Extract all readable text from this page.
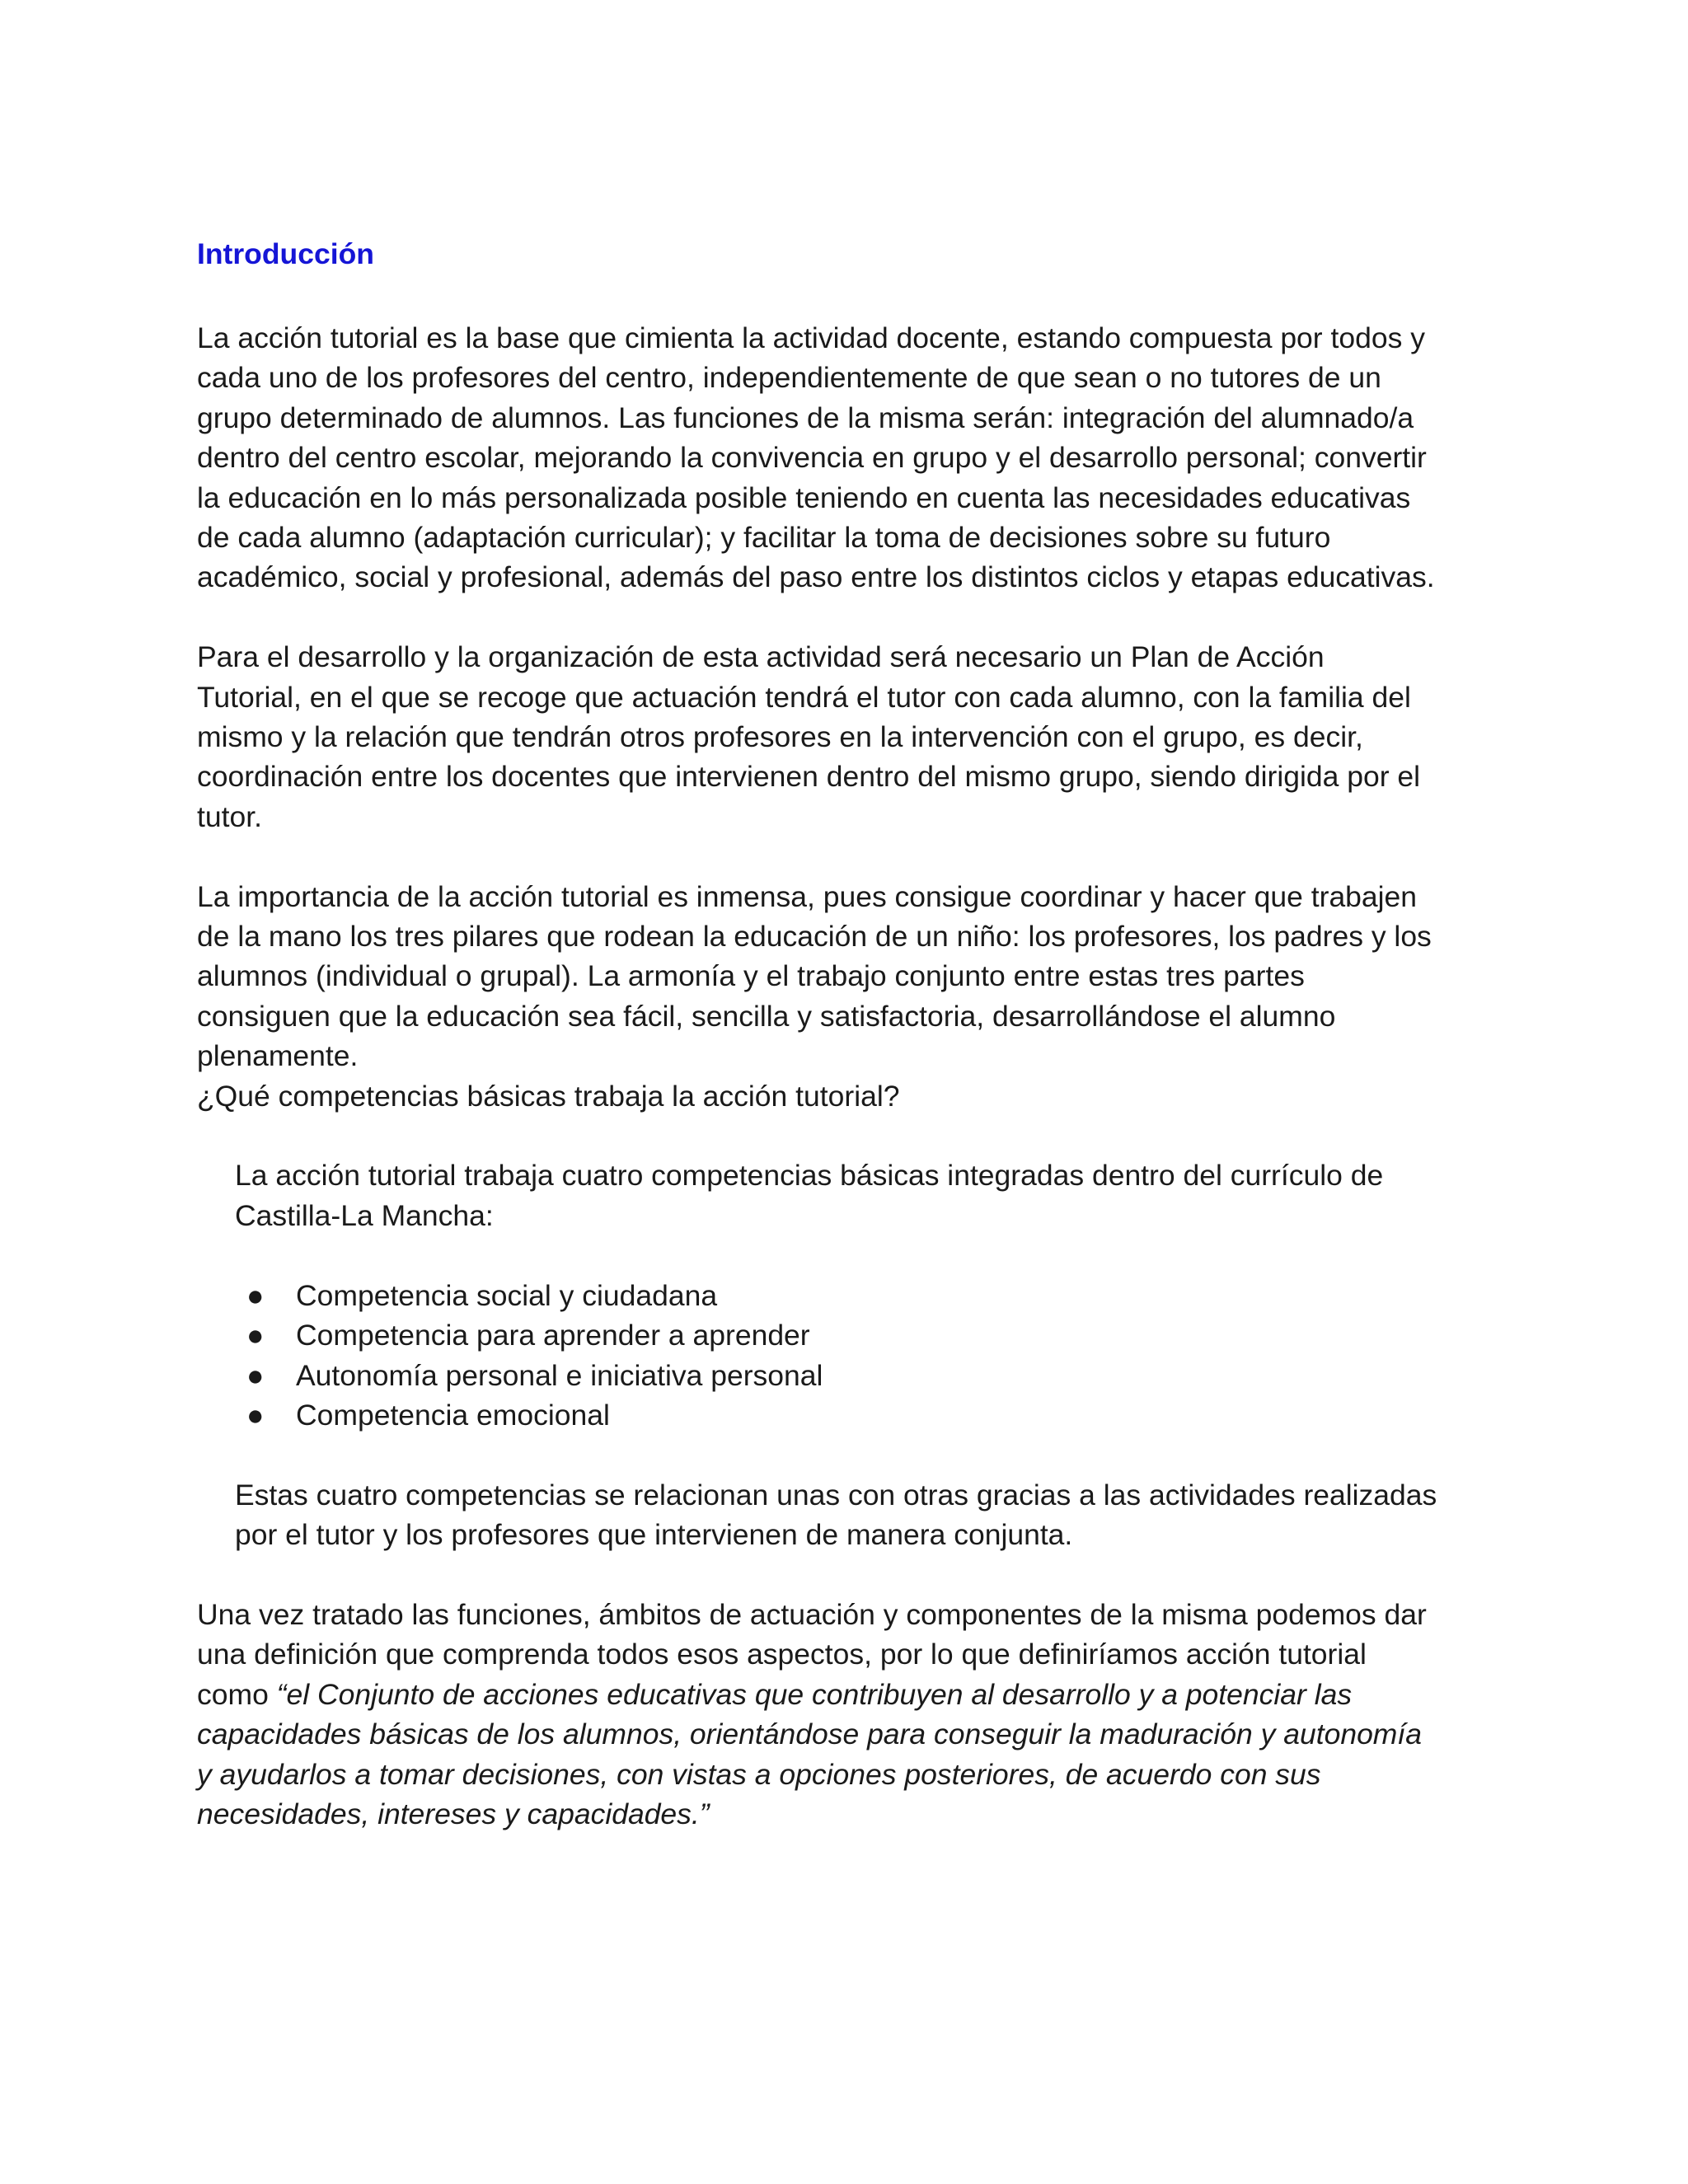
Introducción

La acción tutorial es la base que cimienta la actividad docente, estando compuesta por todos y
cada uno de los profesores del centro, independientemente de que sean o no tutores de un
grupo determinado de alumnos. Las funciones de la misma serán: integración del alumnado/a
dentro del centro escolar, mejorando la convivencia en grupo y el desarrollo personal; convertir
la educación en lo más personalizada posible teniendo en cuenta las necesidades educativas
de cada alumno (adaptación curricular); y facilitar la toma de decisiones sobre su futuro
académico, social y profesional, además del paso entre los distintos ciclos y etapas educativas.

Para el desarrollo y la organización de esta actividad será necesario un Plan de Acción
Tutorial, en el que se recoge que actuación tendrá el tutor con cada alumno, con la familia del
mismo y la relación que tendrán otros profesores en la intervención con el grupo, es decir,
coordinación entre los docentes que intervienen dentro del mismo grupo, siendo dirigida por el
tutor.

La importancia de la acción tutorial es inmensa, pues consigue coordinar y hacer que trabajen
de la mano los tres pilares que rodean la educación de un niño: los profesores, los padres y los
alumnos (individual o grupal). La armonía y el trabajo conjunto entre estas tres partes
consiguen que la educación sea fácil, sencilla y satisfactoria, desarrollándose el alumno
plenamente.

¿Qué competencias básicas trabaja la acción tutorial?

La acción tutorial trabaja cuatro competencias básicas integradas dentro del currículo de
Castilla-La Mancha:

● Competencia social y ciudadana
● Competencia para aprender a aprender
● Autonomía personal e iniciativa personal
● Competencia emocional

Estas cuatro competencias se relacionan unas con otras gracias a las actividades realizadas
por el tutor y los profesores que intervienen de manera conjunta.

Una vez tratado las funciones, ámbitos de actuación y componentes de la misma podemos dar
una definición que comprenda todos esos aspectos, por lo que definiríamos acción tutorial
como “el Conjunto de acciones educativas que contribuyen al desarrollo y a potenciar las
capacidades básicas de los alumnos, orientándose para conseguir la maduración y autonomía
y ayudarlos a tomar decisiones, con vistas a opciones posteriores, de acuerdo con sus
necesidades, intereses y capacidades.”
